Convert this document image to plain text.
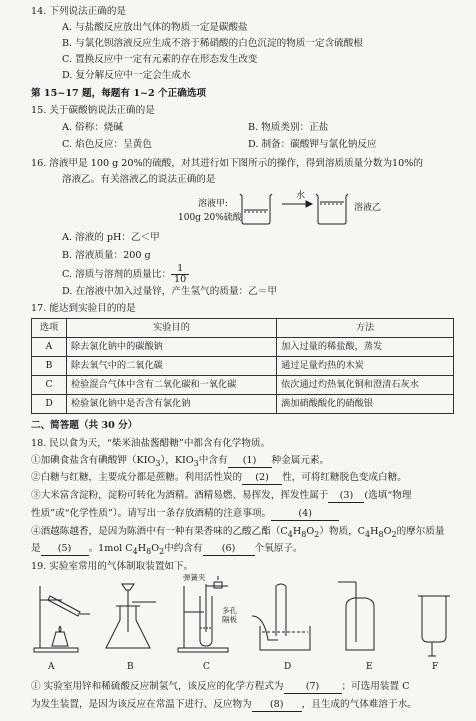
14. 下列说法正确的是
A. 与盐酸反应放出气体的物质一定是碳酸盐
B. 与氯化钡溶液反应生成不溶于稀硝酸的白色沉淀的物质一定含硫酸根
C. 置换反应中一定有元素的存在形态发生改变
D. 复分解反应中一定会生成水
第 15~17 题，每题有 1~2 个正确选项
15. 关于碳酸钠说法正确的是
A. 俗称：烧碱	B. 物质类别：正盐
C. 焰色反应：呈黄色	D. 制备：碳酸钾与氯化钠反应
16. 溶液甲是 100 g 20%的硫酸，对其进行如下图所示的操作，得到溶质质量分数为10%的
溶液乙。有关溶液乙的说法正确的是
溶液甲:
100g 20%硫酸
水
溶液乙
A. 溶液的 pH：乙＜甲
B. 溶液质量：200 g
C. 溶质与溶剂的质量比： $\frac{1}{10}$
D. 在溶液中加入过量锌，产生氢气的质量：乙＝甲
17. 能达到实验目的的是
选项	实验目的	方法
A	除去氯化钠中的碳酸钠	加入过量的稀盐酸，蒸发
B	除去氧气中的二氧化碳	通过足量灼热的木炭
C	检验混合气体中含有二氧化碳和一氧化碳	依次通过灼热氧化铜和澄清石灰水
D	检验氯化钠中是否含有氯化钠	滴加硝酸酸化的硝酸银
二、简答题（共 30 分）
18. 民以食为天，“柴米油盐酱醋糖”中都含有化学物质。
①加碘食盐含有碘酸钾$(KIO_3)$，$KIO_3$中含有 (1) 种金属元素。
②白糖与红糖，主要成分都是蔗糖。利用活性炭的 (2) 性，可将红糖脱色变成白糖。
③大米富含淀粉，淀粉可转化为酒精。酒精易燃、易挥发，挥发性属于 (3) (选填“物理
性质”或“化学性质”）。请写出一条存放酒精的注意事项。	(4)
④酒越陈越香，是因为陈酒中有一种有果香味的乙酸乙酯$(C_4H_8O_2)$物质，$C_4H_8O_2$的摩尔质量
是 (5) 。1mol $C_4H_8O_2$中约含有 (6) 个氧原子。
19. 实验室常用的气体制取装置如下。
弹簧夹
多孔
隔板
A	B	C	D	E	F
① 实验室用锌和稀硫酸反应制氢气，该反应的化学方程式为 (7) ；可选用装置 C
为发生装置，是因为该反应在常温下进行、反应物为 (8) ，且生成的气体难溶于水。
